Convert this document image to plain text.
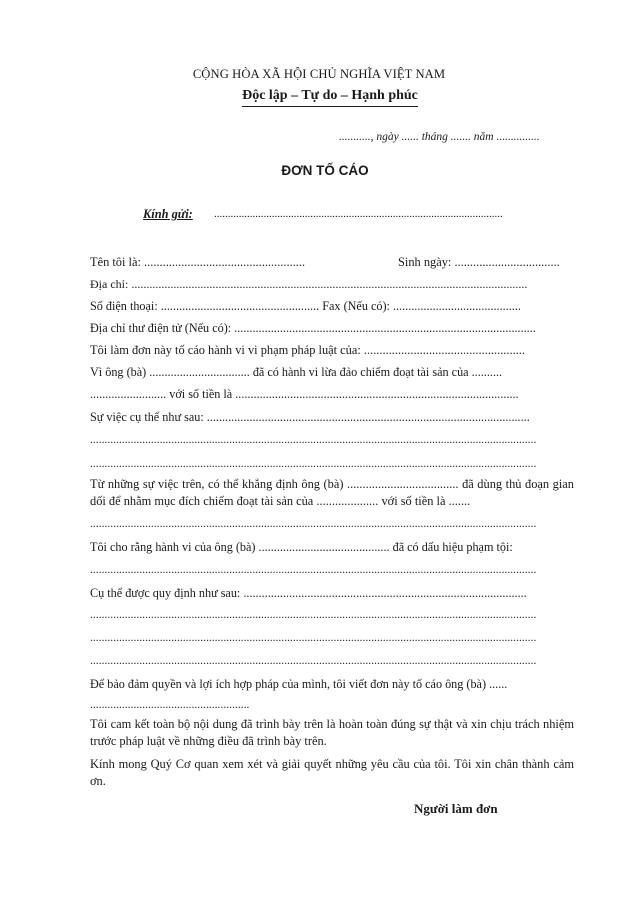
CỘNG HÒA XÃ HỘI CHỦ NGHĨA VIỆT NAM
Độc lập – Tự do – Hạnh phúc
..........., ngày ...... tháng ....... năm ...............
ĐƠN TỐ CÁO
Kính gửi: .........................................................................................................
Tên tôi là: ....................................................	Sinh ngày: ..................................
Địa chỉ: ....................................................................................................................................
Số điện thoại: .................................................... Fax (Nếu có): ..........................................
Địa chỉ thư điện tử (Nếu có): ...................................................................................................
Tôi làm đơn này tố cáo hành vi vi phạm pháp luật của: ....................................................
Vì ông (bà) ................................. đã có hành vi lừa đảo chiếm đoạt tài sản của ..........
......................... với số tiền là .............................................................................................
Sự việc cụ thể như sau: ..........................................................................................................
..........................................................................................................................................................
..........................................................................................................................................................
Từ những sự việc trên, có thể khẳng định ông (bà) .................................... đã dùng thủ đoạn gian dối để nhằm mục đích chiếm đoạt tài sản của .................... với số tiền là .......
..........................................................................................................................................................
Tôi cho rằng hành vi của ông (bà) ........................................... đã có dấu hiệu phạm tội:
..........................................................................................................................................................
Cụ thể được quy định như sau: .............................................................................................
..........................................................................................................................................................
..........................................................................................................................................................
..........................................................................................................................................................
Để bảo đảm quyền và lợi ích hợp pháp của mình, tôi viết đơn này tố cáo ông (bà) ......
.......................................................
Tôi cam kết toàn bộ nội dung đã trình bày trên là hoàn toàn đúng sự thật và xin chịu trách nhiệm trước pháp luật về những điều đã trình bày trên.
Kính mong Quý Cơ quan xem xét và giải quyết những yêu cầu của tôi. Tôi xin chân thành cảm ơn.
Người làm đơn
